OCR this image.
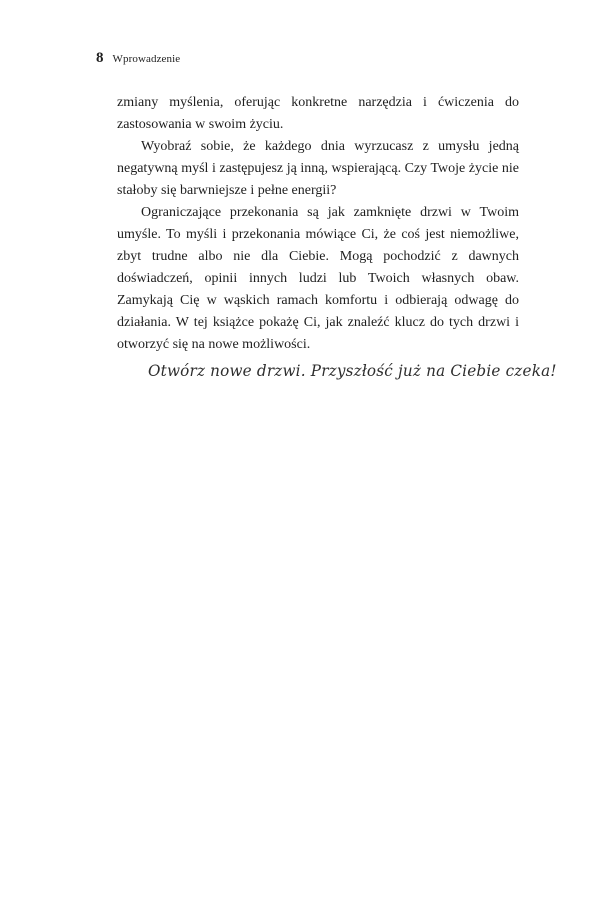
8 Wprowadzenie

zmiany myślenia, oferując konkretne narzędzia i ćwiczenia do zastosowania w swoim życiu.

Wyobraź sobie, że każdego dnia wyrzucasz z umysłu jedną negatywną myśl i zastępujesz ją inną, wspierającą. Czy Twoje życie nie stałoby się barwniejsze i pełne energii?

Ograniczające przekonania są jak zamknięte drzwi w Twoim umyśle. To myśli i przekonania mówiące Ci, że coś jest niemożliwe, zbyt trudne albo nie dla Ciebie. Mogą pochodzić z dawnych doświadczeń, opinii innych ludzi lub Twoich własnych obaw. Zamykają Cię w wąskich ramach komfortu i odbierają odwagę do działania. W tej książce pokażę Ci, jak znaleźć klucz do tych drzwi i otworzyć się na nowe możliwości.

Otwórz nowe drzwi. Przyszłość już na Ciebie czeka!
